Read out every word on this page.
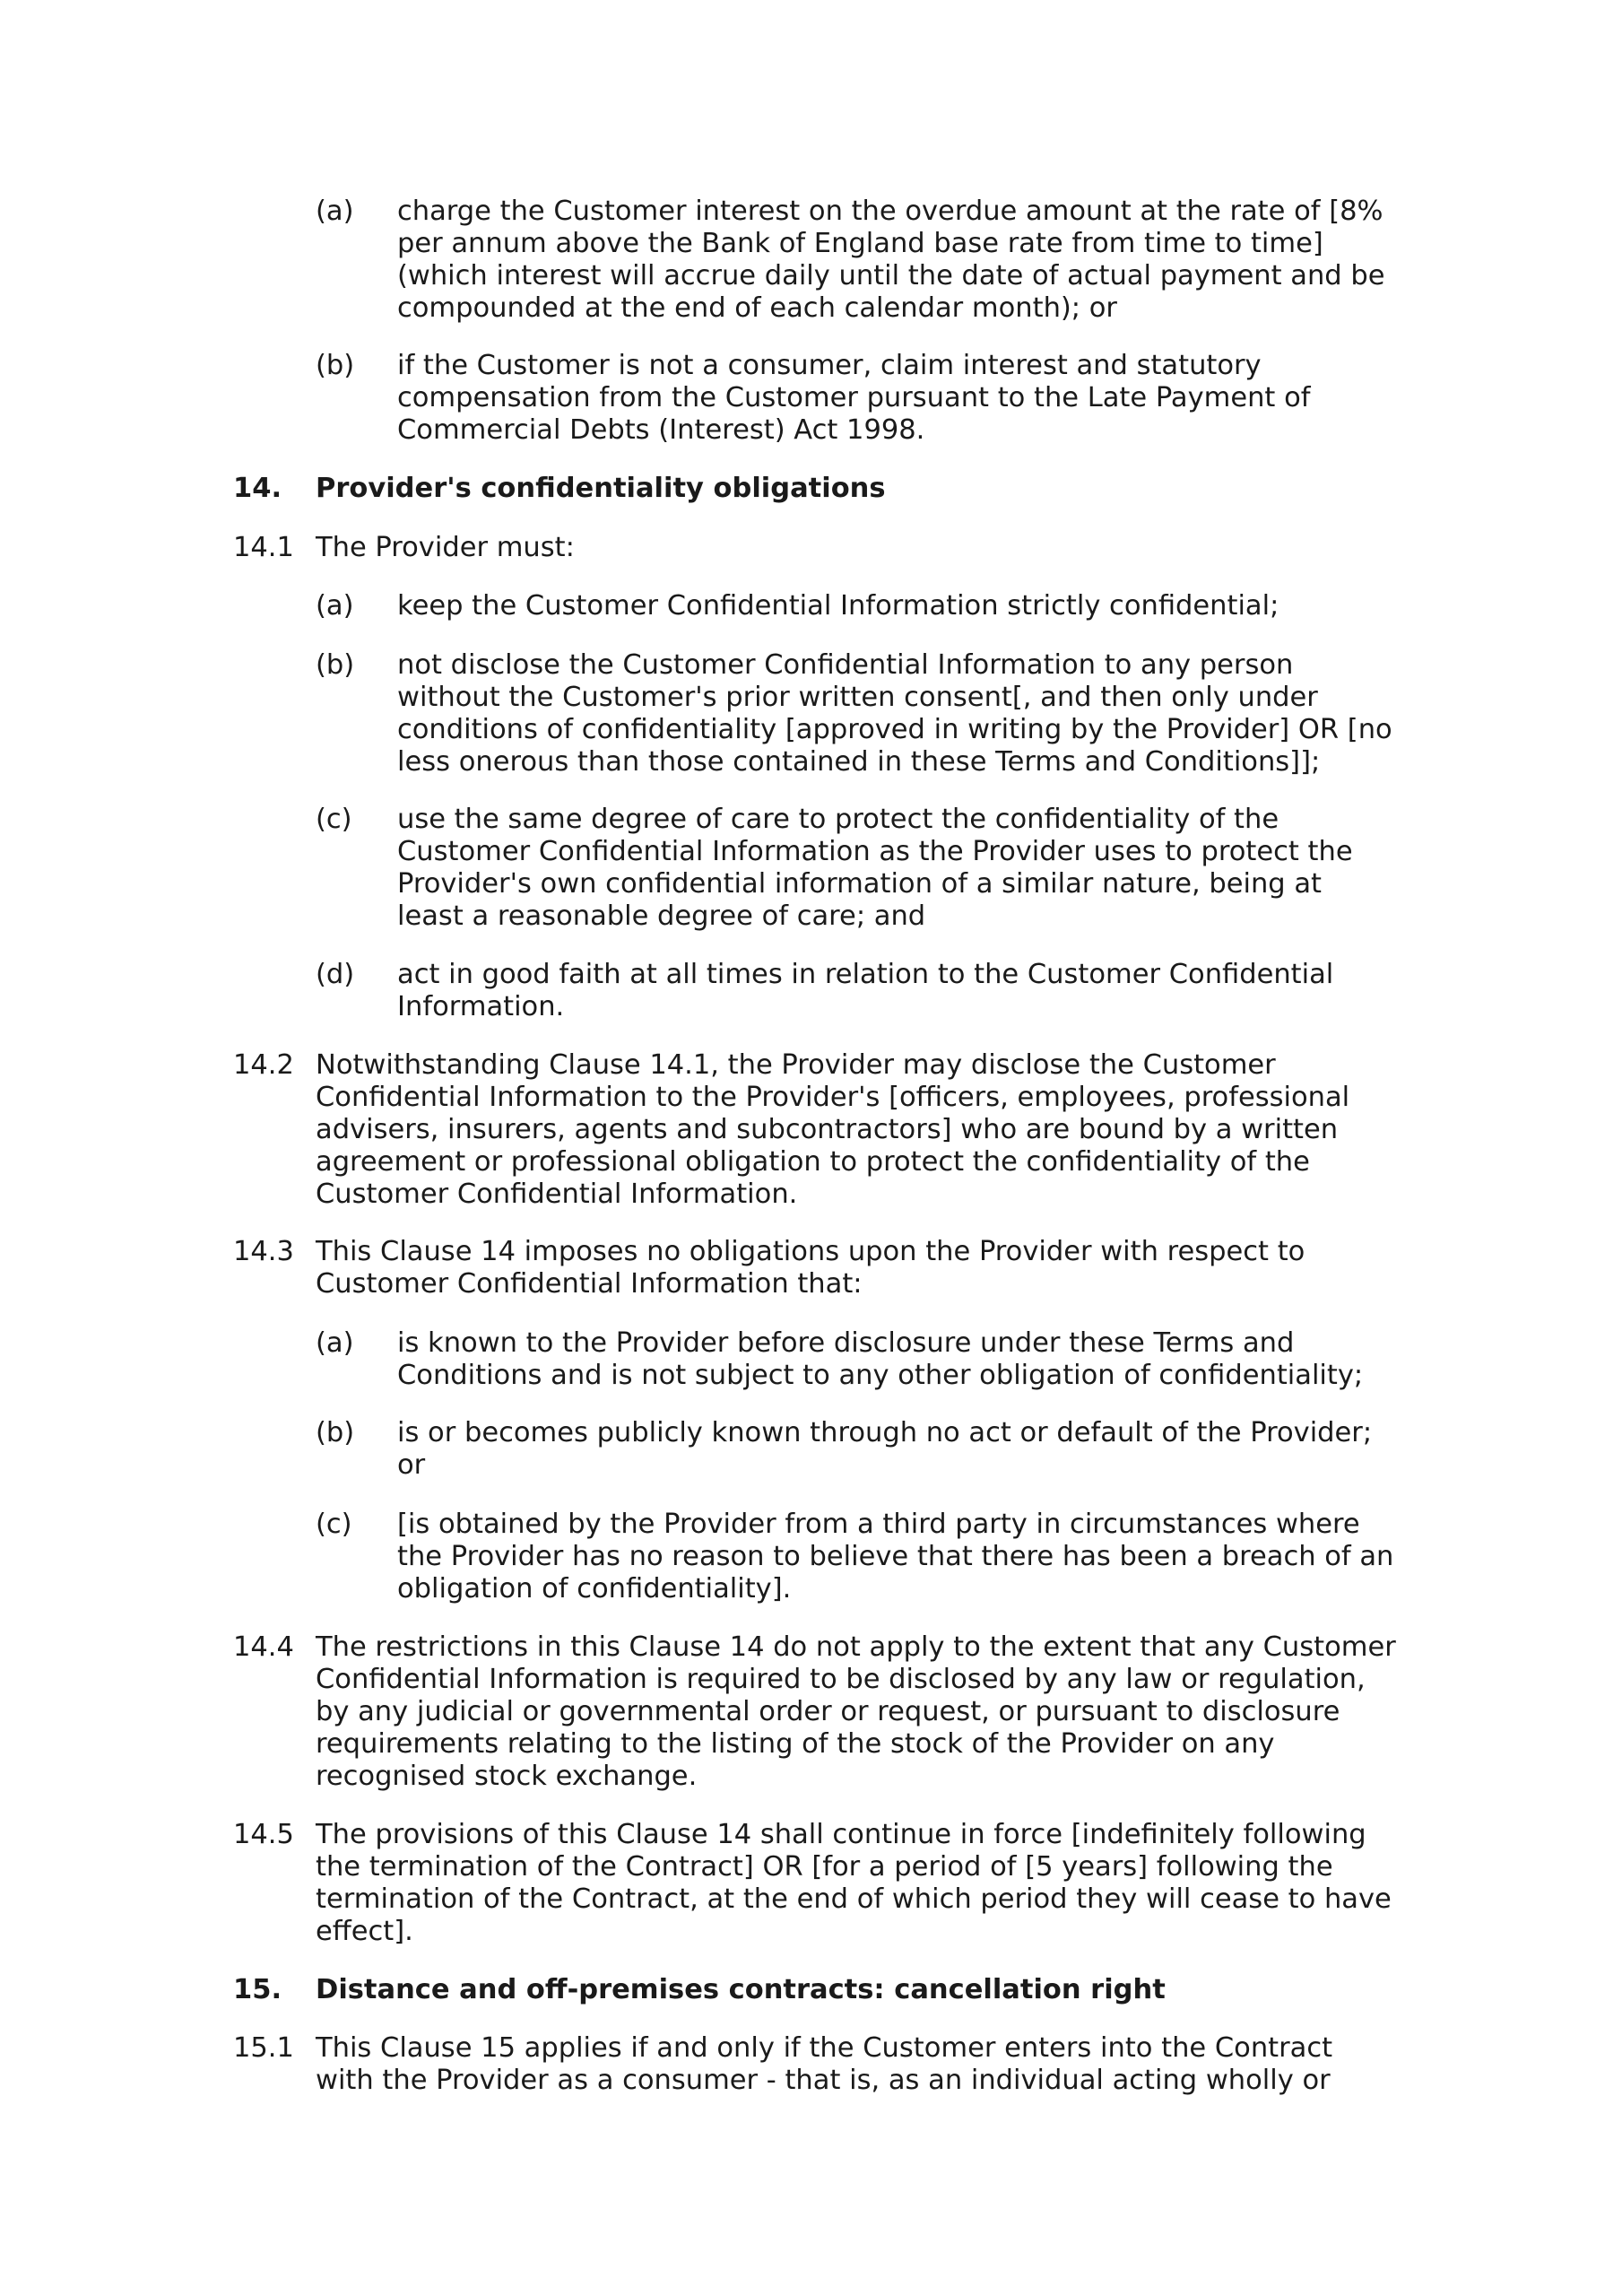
(a) charge the Customer interest on the overdue amount at the rate of [8%
per annum above the Bank of England base rate from time to time]
(which interest will accrue daily until the date of actual payment and be
compounded at the end of each calendar month); or
(b) if the Customer is not a consumer, claim interest and statutory
compensation from the Customer pursuant to the Late Payment of
Commercial Debts (Interest) Act 1998.
14. Provider's confidentiality obligations
14.1 The Provider must:
(a) keep the Customer Confidential Information strictly confidential;
(b) not disclose the Customer Confidential Information to any person
without the Customer's prior written consent[, and then only under
conditions of confidentiality [approved in writing by the Provider] OR [no
less onerous than those contained in these Terms and Conditions]];
(c) use the same degree of care to protect the confidentiality of the
Customer Confidential Information as the Provider uses to protect the
Provider's own confidential information of a similar nature, being at
least a reasonable degree of care; and
(d) act in good faith at all times in relation to the Customer Confidential
Information.
14.2 Notwithstanding Clause 14.1, the Provider may disclose the Customer
Confidential Information to the Provider's [officers, employees, professional
advisers, insurers, agents and subcontractors] who are bound by a written
agreement or professional obligation to protect the confidentiality of the
Customer Confidential Information.
14.3 This Clause 14 imposes no obligations upon the Provider with respect to
Customer Confidential Information that:
(a) is known to the Provider before disclosure under these Terms and
Conditions and is not subject to any other obligation of confidentiality;
(b) is or becomes publicly known through no act or default of the Provider;
or
(c) [is obtained by the Provider from a third party in circumstances where
the Provider has no reason to believe that there has been a breach of an
obligation of confidentiality].
14.4 The restrictions in this Clause 14 do not apply to the extent that any Customer
Confidential Information is required to be disclosed by any law or regulation,
by any judicial or governmental order or request, or pursuant to disclosure
requirements relating to the listing of the stock of the Provider on any
recognised stock exchange.
14.5 The provisions of this Clause 14 shall continue in force [indefinitely following
the termination of the Contract] OR [for a period of [5 years] following the
termination of the Contract, at the end of which period they will cease to have
effect].
15. Distance and off-premises contracts: cancellation right
15.1 This Clause 15 applies if and only if the Customer enters into the Contract
with the Provider as a consumer - that is, as an individual acting wholly or
